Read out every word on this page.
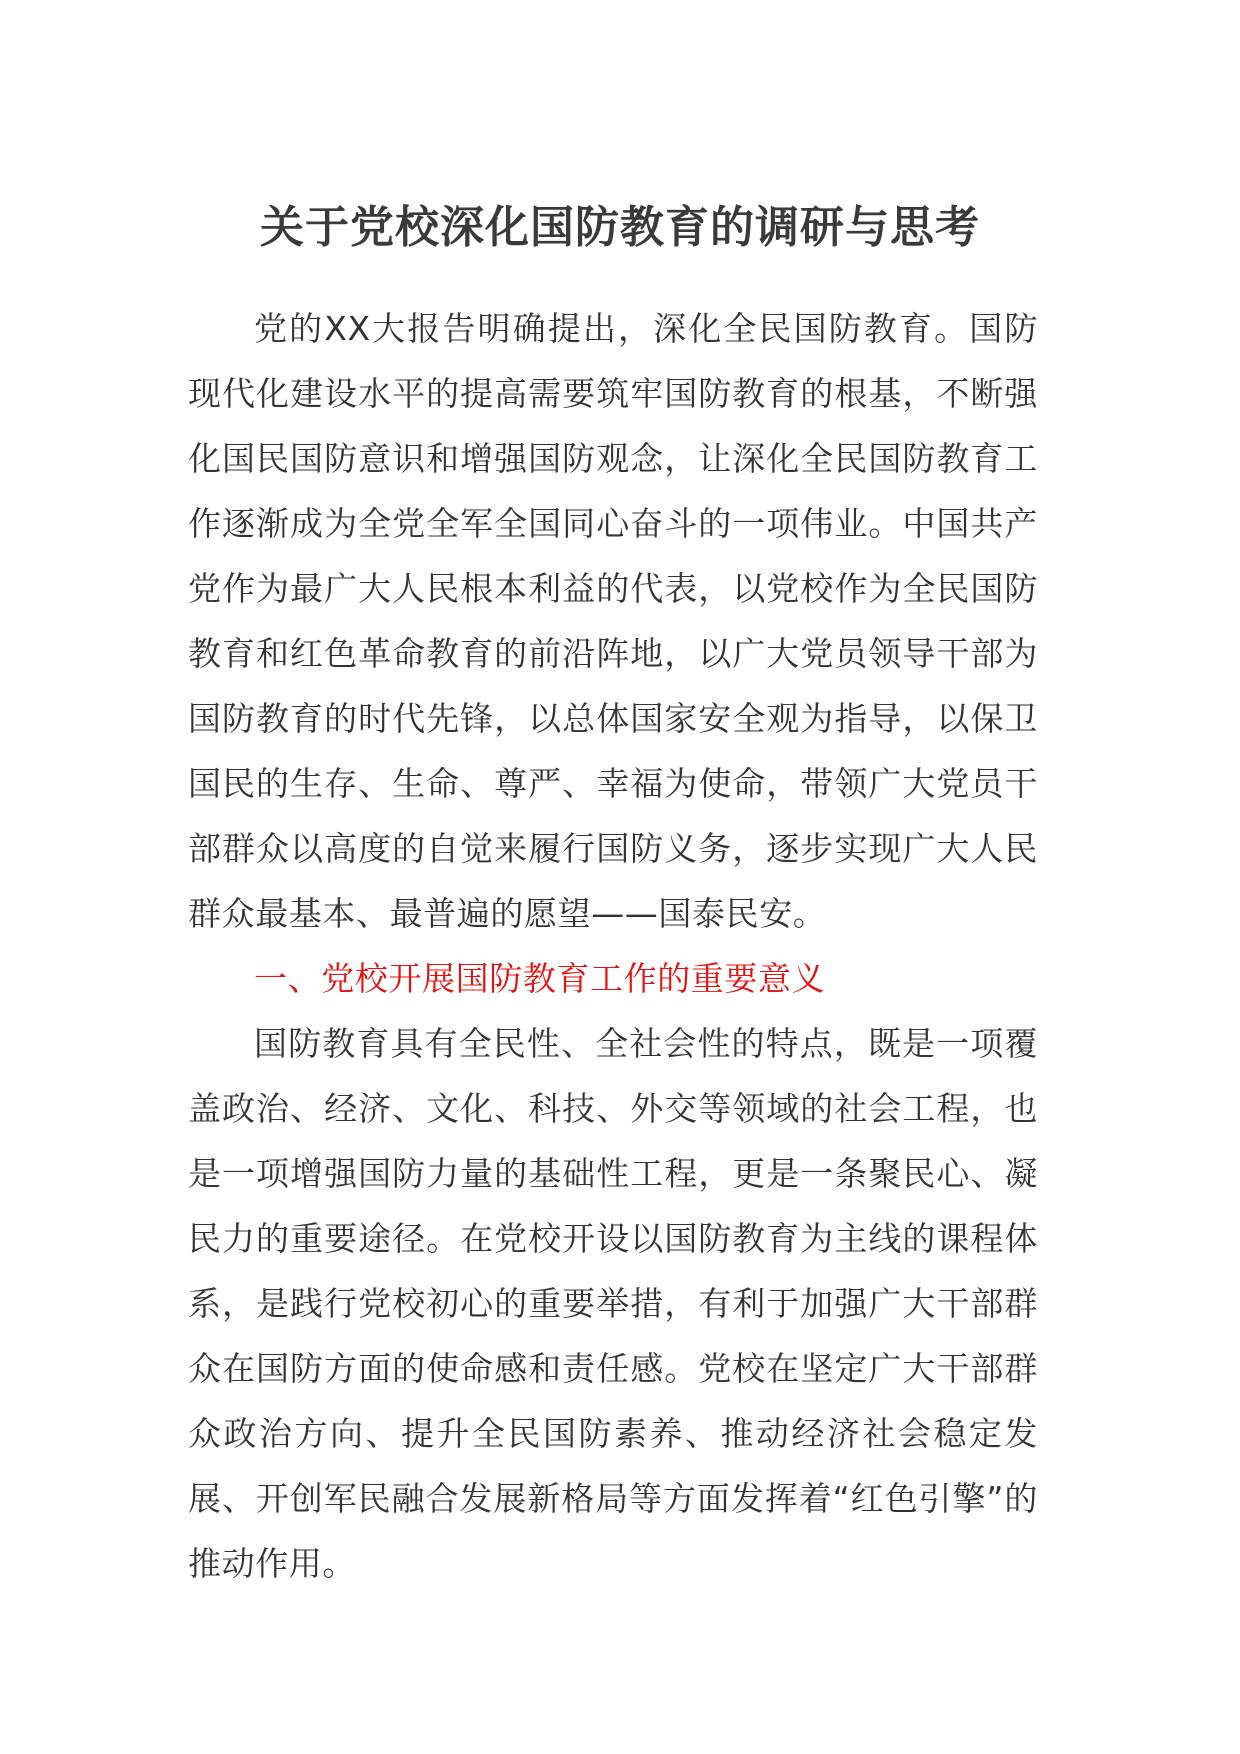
关于党校深化国防教育的调研与思考

党的XX大报告明确提出，深化全民国防教育。国防现代化建设水平的提高需要筑牢国防教育的根基，不断强化国民国防意识和增强国防观念，让深化全民国防教育工作逐渐成为全党全军全国同心奋斗的一项伟业。中国共产党作为最广大人民根本利益的代表，以党校作为全民国防教育和红色革命教育的前沿阵地，以广大党员领导干部为国防教育的时代先锋，以总体国家安全观为指导，以保卫国民的生存、生命、尊严、幸福为使命，带领广大党员干部群众以高度的自觉来履行国防义务，逐步实现广大人民群众最基本、最普遍的愿望——国泰民安。

一、党校开展国防教育工作的重要意义

国防教育具有全民性、全社会性的特点，既是一项覆盖政治、经济、文化、科技、外交等领域的社会工程，也是一项增强国防力量的基础性工程，更是一条聚民心、凝民力的重要途径。在党校开设以国防教育为主线的课程体系，是践行党校初心的重要举措，有利于加强广大干部群众在国防方面的使命感和责任感。党校在坚定广大干部群众政治方向、提升全民国防素养、推动经济社会稳定发展、开创军民融合发展新格局等方面发挥着“红色引擎”的推动作用。
